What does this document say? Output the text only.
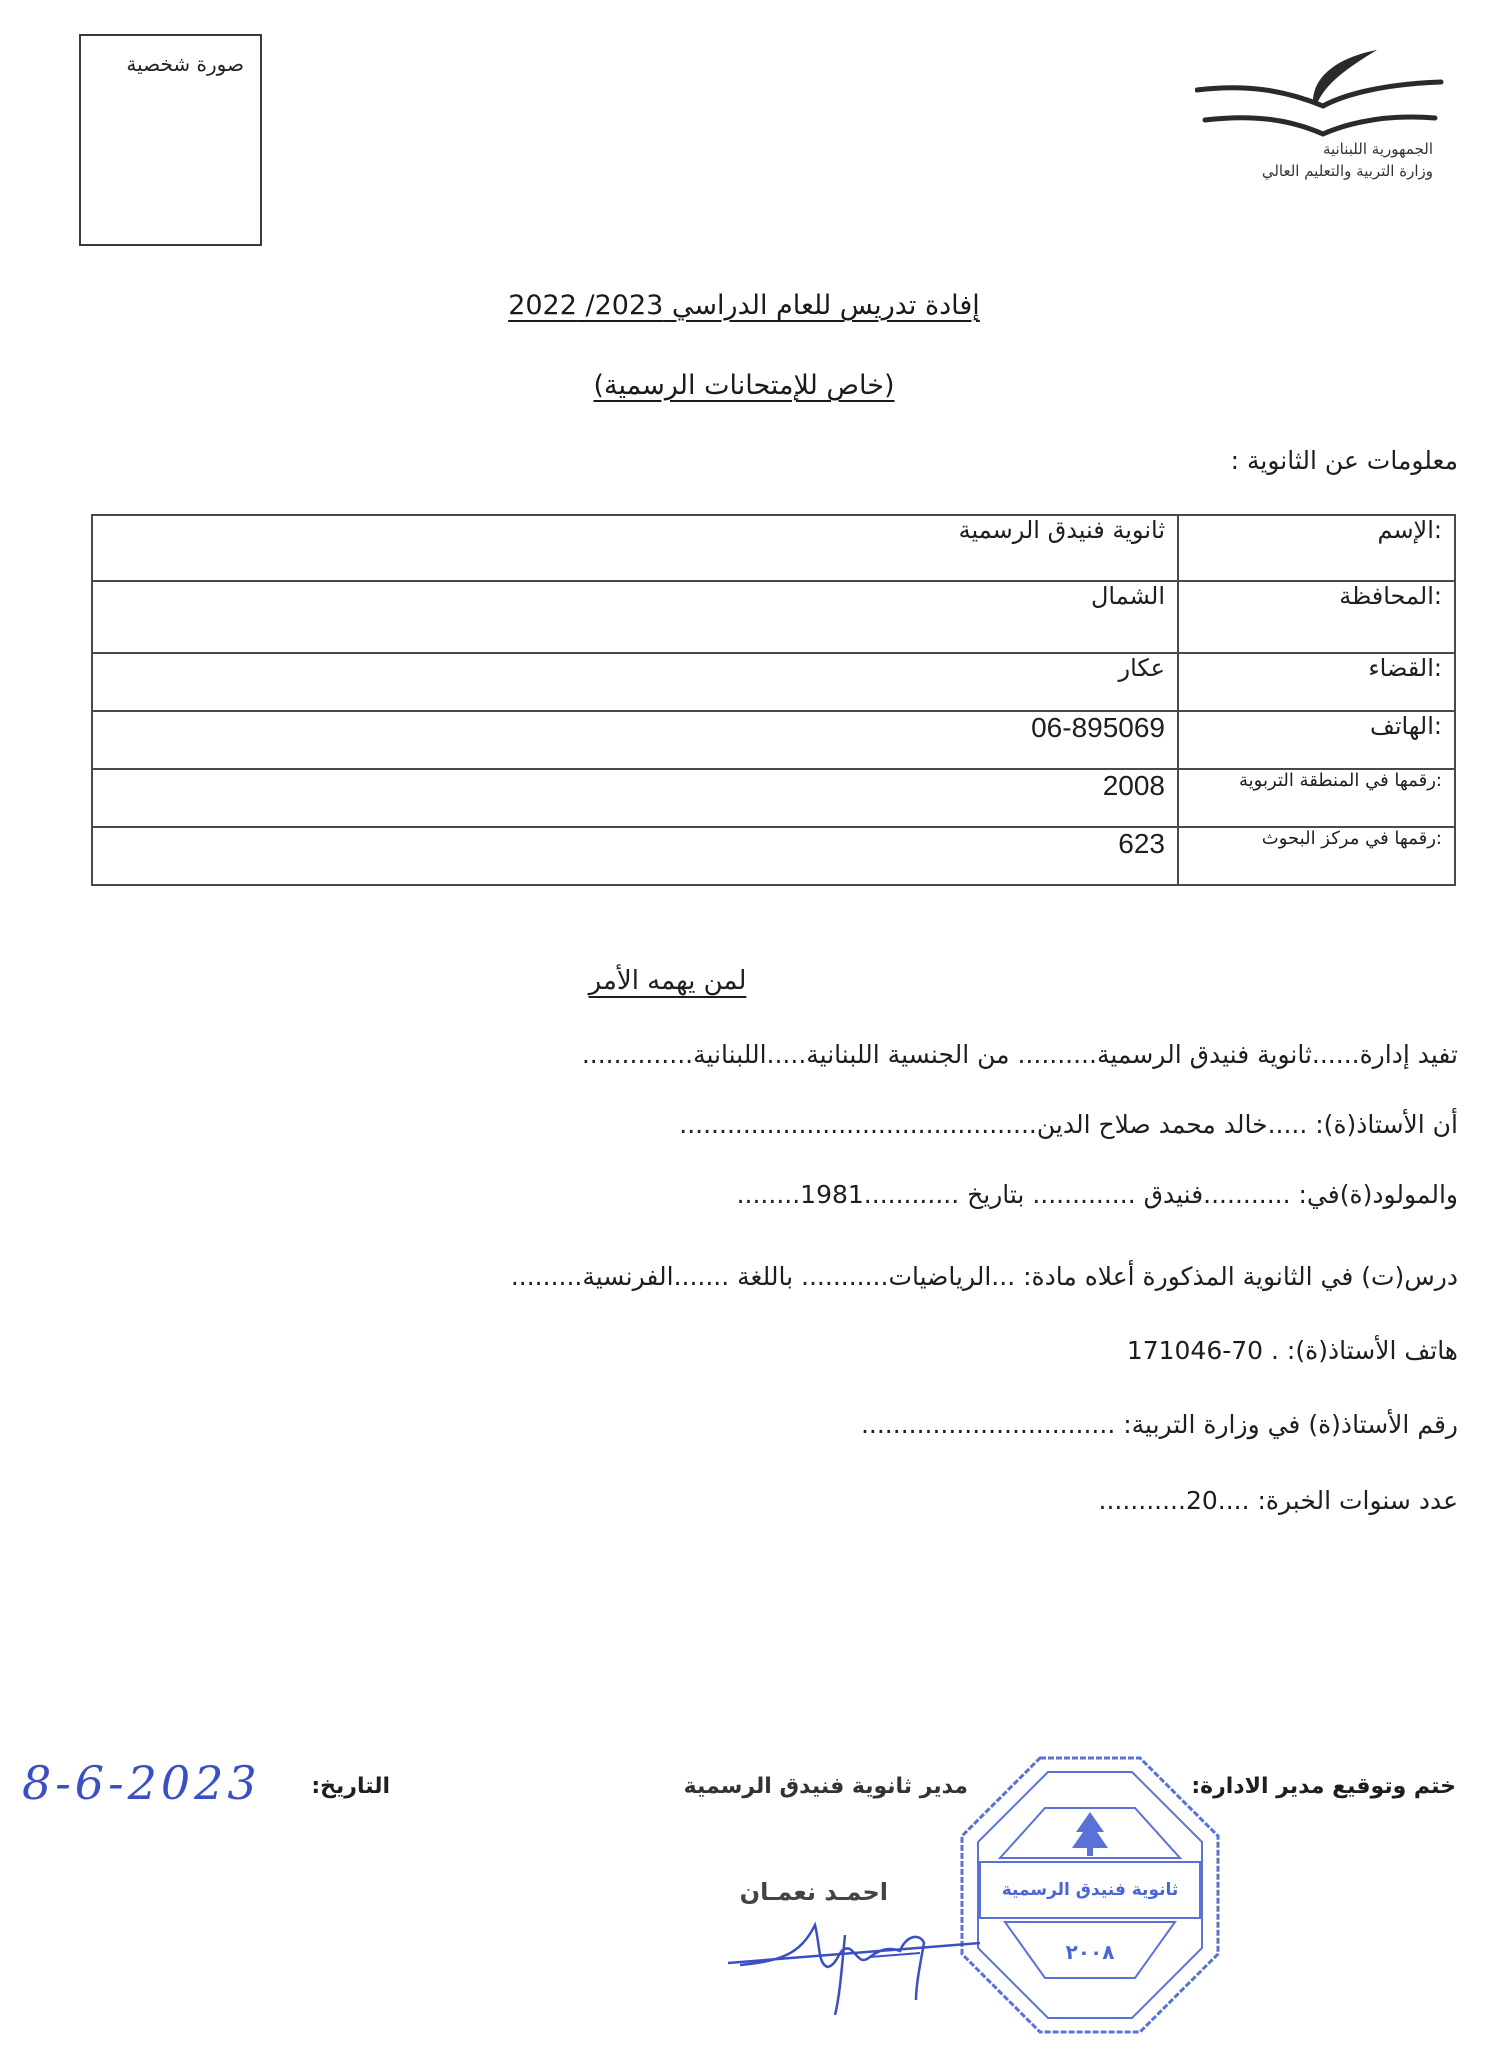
صورة شخصية
الجمهورية اللبنانية
وزارة التربية والتعليم العالي
إفادة تدريس للعام الدراسي 2023/ 2022
(خاص للإمتحانات الرسمية)
معلومات عن الثانوية :
ثانوية فنيدق الرسمية	الإسم:
الشمال	المحافظة:
عكار	القضاء:
06-895069	الهاتف:
2008	رقمها في المنطقة التربوية:
623	رقمها في مركز البحوث:
لمن يهمه الأمر
تفيد إدارة......ثانوية فنيدق الرسمية.......... من الجنسية اللبنانية.....اللبنانية..............
أن الأستاذ(ة): .....خالد محمد صلاح الدين.............................................
والمولود(ة)في: ...........فنيدق ............. بتاريخ ............1981........
درس(ت) في الثانوية المذكورة أعلاه مادة: ...الرياضيات........... باللغة .......الفرنسية.........
هاتف الأستاذ(ة): . 70-171046
رقم الأستاذ(ة) في وزارة التربية: ................................
عدد سنوات الخبرة: ....20...........
ختم وتوقيع مدير الادارة:
مدير ثانوية فنيدق الرسمية
احمـد نعمـان
التاريخ:
8-6-2023
ثانوية فنيدق الرسمية
٢٠٠٨
